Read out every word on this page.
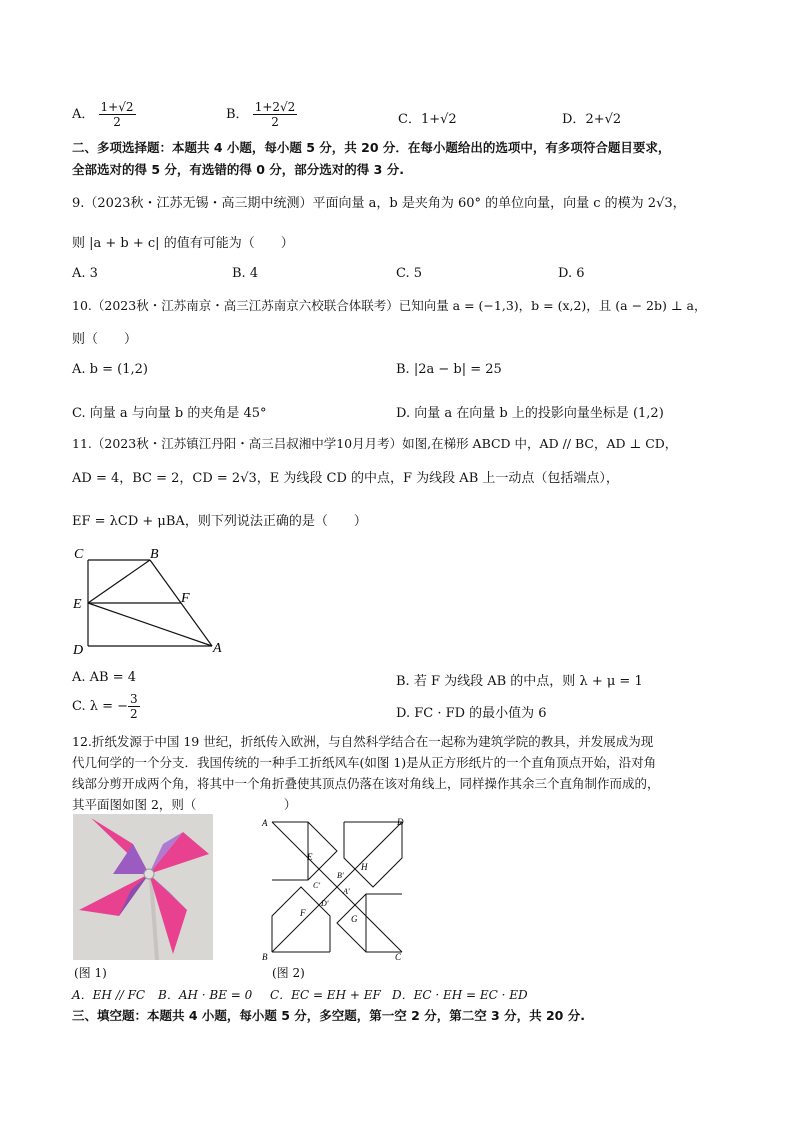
A． $\frac{1+√2}{2}$	B． $\frac{1+2√2}{2}$	C．1+√2	D．2+√2
二、多项选择题：本题共 4 小题，每小题 5 分，共 20 分．在每小题给出的选项中，有多项符合题目要求，
全部选对的得 5 分，有选错的得 0 分，部分选对的得 3 分.
9.（2023秋・江苏无锡・高三期中统测）平面向量 a，b 是夹角为 60° 的单位向量，向量 c 的模为 2√3，
则 |a + b + c| 的值有可能为（　　）
A. 3	B. 4	C. 5	D. 6
10.（2023秋・江苏南京・高三江苏南京六校联合体联考）已知向量 a = (−1,3)，b = (x,2)，且 (a − 2b) ⊥ a，
则（　　）
A. b = (1,2)	B. |2a − b| = 25
C. 向量 a 与向量 b 的夹角是 45°	D. 向量 a 在向量 b 上的投影向量坐标是 (1,2)
11.（2023秋・江苏镇江丹阳・高三吕叔湘中学10月月考）如图,在梯形 ABCD 中，AD // BC，AD ⊥ CD，
AD = 4，BC = 2，CD = 2√3，E 为线段 CD 的中点，F 为线段 AB 上一动点（包括端点），
EF = λCD + μBA，则下列说法正确的是（　　）
C	B
E	F
D	A
A. AB = 4	B. 若 F 为线段 AB 的中点，则 λ + μ = 1
C. λ = − $\frac{3}{2}$	D. FC · FD 的最小值为 6
12.折纸发源于中国 19 世纪，折纸传入欧洲，与自然科学结合在一起称为建筑学院的教具，并发展成为现
代几何学的一个分支．我国传统的一种手工折纸风车(如图 1)是从正方形纸片的一个直角顶点开始，沿对角
线部分剪开成两个角，将其中一个角折叠使其顶点仍落在该对角线上，同样操作其余三个直角制作而成的，
其平面图如图 2，则（　　　　　　　）
(图 1)
A	D
E
H
B'
C'
A'
D'
F
G
B	C
(图 2)
A．EH // FC B．AH · BE = 0 C．EC = EH + EF D．EC · EH = EC · ED
三、填空题：本题共 4 小题，每小题 5 分，多空题，第一空 2 分，第二空 3 分，共 20 分.
